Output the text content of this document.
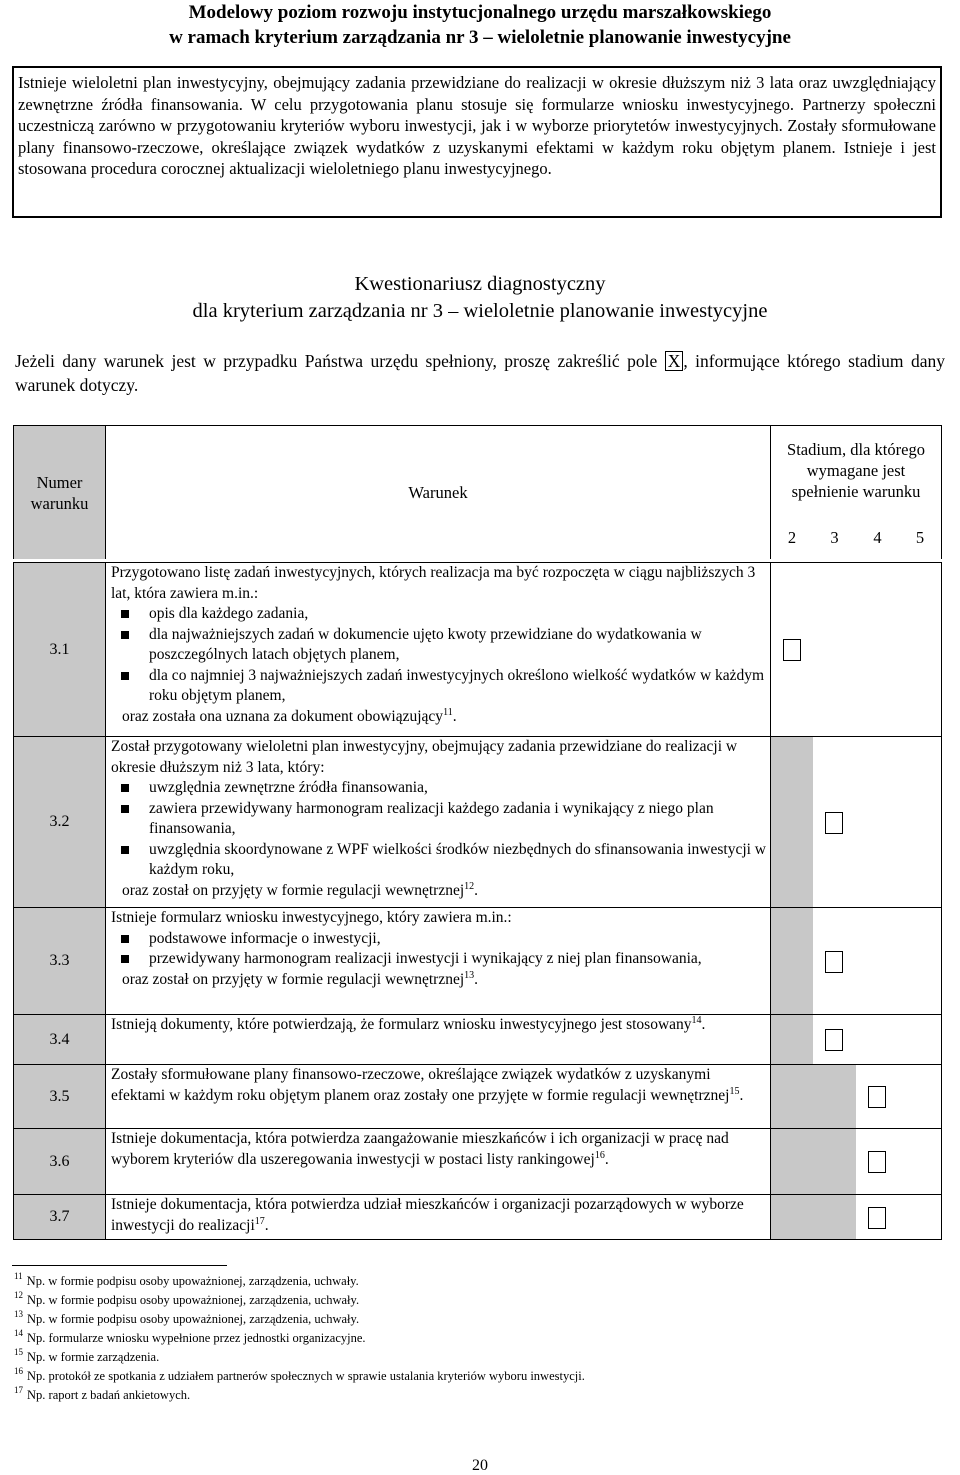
Modelowy poziom rozwoju instytucjonalnego urzędu marszałkowskiego
w ramach kryterium zarządzania nr 3 – wieloletnie planowanie inwestycyjne
Istnieje wieloletni plan inwestycyjny, obejmujący zadania przewidziane do realizacji w okresie dłuższym niż 3 lata oraz uwzględniający zewnętrzne źródła finansowania. W celu przygotowania planu stosuje się formularze wniosku inwestycyjnego. Partnerzy społeczni uczestniczą zarówno w przygotowaniu kryteriów wyboru inwestycji, jak i w wyborze priorytetów inwestycyjnych. Zostały sformułowane plany finansowo-rzeczowe, określające związek wydatków z uzyskanymi efektami w każdym roku objętym planem. Istnieje i jest stosowana procedura corocznej aktualizacji wieloletniego planu inwestycyjnego.
Kwestionariusz diagnostyczny
dla kryterium zarządzania nr 3 – wieloletnie planowanie inwestycyjne
Jeżeli dany warunek jest w przypadku Państwa urzędu spełniony, proszę zakreślić pole X , informujące którego stadium dany warunek dotyczy.
Numer warunku
Warunek
Stadium, dla którego wymagane jest spełnienie warunku
2 3 4 5
3.1
Przygotowano listę zadań inwestycyjnych, których realizacja ma być rozpoczęta w ciągu najbliższych 3 lat, która zawiera m.in.:
opis dla każdego zadania,
dla najważniejszych zadań w dokumencie ujęto kwoty przewidziane do wydatkowania w poszczególnych latach objętych planem,
dla co najmniej 3 najważniejszych zadań inwestycyjnych określono wielkość wydatków w każdym roku objętym planem,
oraz została ona uznana za dokument obowiązujący$^{11}$.
3.2
Został przygotowany wieloletni plan inwestycyjny, obejmujący zadania przewidziane do realizacji w okresie dłuższym niż 3 lata, który:
uwzględnia zewnętrzne źródła finansowania,
zawiera przewidywany harmonogram realizacji każdego zadania i wynikający z niego plan finansowania,
uwzględnia skoordynowane z WPF wielkości środków niezbędnych do sfinansowania inwestycji w każdym roku,
oraz został on przyjęty w formie regulacji wewnętrznej$^{12}$.
3.3
Istnieje formularz wniosku inwestycyjnego, który zawiera m.in.:
podstawowe informacje o inwestycji,
przewidywany harmonogram realizacji inwestycji i wynikający z niej plan finansowania,
oraz został on przyjęty w formie regulacji wewnętrznej$^{13}$.
3.4
Istnieją dokumenty, które potwierdzają, że formularz wniosku inwestycyjnego jest stosowany$^{14}$.
3.5
Zostały sformułowane plany finansowo-rzeczowe, określające związek wydatków z uzyskanymi efektami w każdym roku objętym planem oraz zostały one przyjęte w formie regulacji wewnętrznej$^{15}$.
3.6
Istnieje dokumentacja, która potwierdza zaangażowanie mieszkańców i ich organizacji w pracę nad wyborem kryteriów dla uszeregowania inwestycji w postaci listy rankingowej$^{16}$.
3.7
Istnieje dokumentacja, która potwierdza udział mieszkańców i organizacji pozarządowych w wyborze inwestycji do realizacji$^{17}$.
$^{11}$ Np. w formie podpisu osoby upoważnionej, zarządzenia, uchwały.
$^{12}$ Np. w formie podpisu osoby upoważnionej, zarządzenia, uchwały.
$^{13}$ Np. w formie podpisu osoby upoważnionej, zarządzenia, uchwały.
$^{14}$ Np. formularze wniosku wypełnione przez jednostki organizacyjne.
$^{15}$ Np. w formie zarządzenia.
$^{16}$ Np. protokół ze spotkania z udziałem partnerów społecznych w sprawie ustalania kryteriów wyboru inwestycji.
$^{17}$ Np. raport z badań ankietowych.
20
